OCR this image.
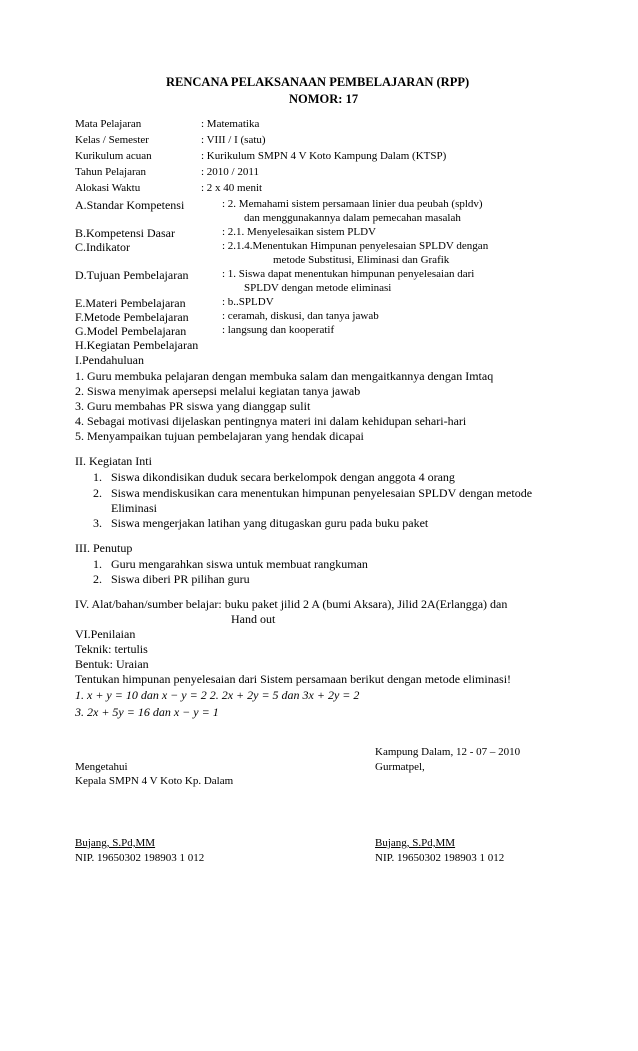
RENCANA PELAKSANAAN PEMBELAJARAN (RPP)
NOMOR: 17
Mata Pelajaran	: Matematika
Kelas / Semester	: VIII / I (satu)
Kurikulum acuan	: Kurikulum SMPN 4 V Koto Kampung Dalam (KTSP)
Tahun Pelajaran	: 2010 / 2011
Alokasi Waktu	: 2 x 40 menit
A.Standar Kompetensi	: 2. Memahami sistem persamaan linier dua peubah (spldv)
dan menggunakannya dalam pemecahan masalah
B.Kompetensi Dasar	: 2.1. Menyelesaikan sistem PLDV
C.Indikator	: 2.1.4.Menentukan Himpunan penyelesaian SPLDV dengan
metode Substitusi, Eliminasi dan Grafik
D.Tujuan Pembelajaran	: 1. Siswa dapat menentukan himpunan penyelesaian dari
SPLDV dengan metode eliminasi
E.Materi Pembelajaran	: b..SPLDV
F.Metode Pembelajaran	: ceramah, diskusi, dan tanya jawab
G.Model Pembelajaran	: langsung dan kooperatif
H.Kegiatan Pembelajaran
I.Pendahuluan
1. Guru membuka pelajaran dengan membuka salam dan mengaitkannya dengan Imtaq
2. Siswa menyimak apersepsi melalui kegiatan tanya jawab
3. Guru membahas PR siswa yang dianggap sulit
4. Sebagai motivasi dijelaskan pentingnya materi ini dalam kehidupan sehari-hari
5. Menyampaikan tujuan pembelajaran yang hendak dicapai
II. Kegiatan Inti
1. Siswa dikondisikan duduk secara berkelompok dengan anggota 4 orang
2. Siswa mendiskusikan cara menentukan himpunan penyelesaian SPLDV dengan metode
Eliminasi
3. Siswa mengerjakan latihan yang ditugaskan guru pada buku paket
III. Penutup
1. Guru mengarahkan siswa untuk membuat rangkuman
2. Siswa diberi PR pilihan guru
IV. Alat/bahan/sumber belajar: buku paket jilid 2 A (bumi Aksara), Jilid 2A(Erlangga) dan
Hand out
VI.Penilaian
Teknik: tertulis
Bentuk: Uraian
Tentukan himpunan penyelesaian dari Sistem persamaan berikut dengan metode eliminasi!
1. x + y = 10 dan x − y = 2 2. 2x + 2y = 5 dan 3x + 2y = 2
3. 2x + 5y = 16 dan x − y = 1
Kampung Dalam, 12 - 07 – 2010
Mengetahui	Gurmatpel,
Kepala SMPN 4 V Koto Kp. Dalam
Bujang, S.Pd,MM	Bujang, S.Pd,MM
NIP. 19650302 198903 1 012	NIP. 19650302 198903 1 012
